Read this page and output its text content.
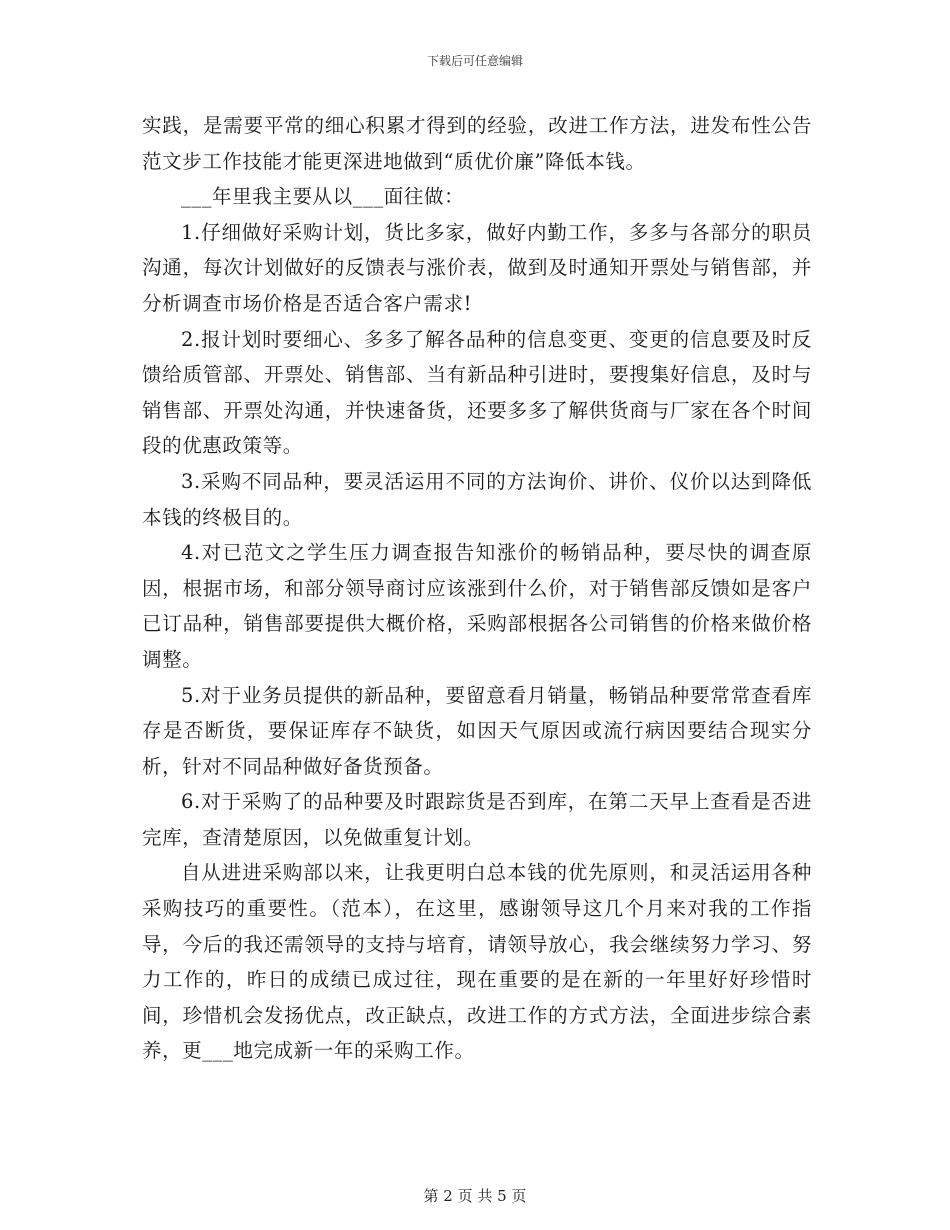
下载后可任意编辑

实践，是需要平常的细心积累才得到的经验，改进工作方法，进发布性公告范文步工作技能才能更深进地做到“质优价廉”降低本钱。

___年里我主要从以___面往做：

1.仔细做好采购计划，货比多家，做好内勤工作，多多与各部分的职员沟通，每次计划做好的反馈表与涨价表，做到及时通知开票处与销售部，并分析调查市场价格是否适合客户需求!

2.报计划时要细心、多多了解各品种的信息变更、变更的信息要及时反馈给质管部、开票处、销售部、当有新品种引进时，要搜集好信息，及时与销售部、开票处沟通，并快速备货，还要多多了解供货商与厂家在各个时间段的优惠政策等。

3.采购不同品种，要灵活运用不同的方法询价、讲价、仪价以达到降低本钱的终极目的。

4.对已范文之学生压力调查报告知涨价的畅销品种，要尽快的调查原因，根据市场，和部分领导商讨应该涨到什么价，对于销售部反馈如是客户已订品种，销售部要提供大概价格，采购部根据各公司销售的价格来做价格调整。

5.对于业务员提供的新品种，要留意看月销量，畅销品种要常常查看库存是否断货，要保证库存不缺货，如因天气原因或流行病因要结合现实分析，针对不同品种做好备货预备。

6.对于采购了的品种要及时跟踪货是否到库，在第二天早上查看是否进完库，查清楚原因，以免做重复计划。

自从进进采购部以来，让我更明白总本钱的优先原则，和灵活运用各种采购技巧的重要性。（范本），在这里，感谢领导这几个月来对我的工作指导，今后的我还需领导的支持与培育，请领导放心，我会继续努力学习、努力工作的，昨日的成绩已成过往，现在重要的是在新的一年里好好珍惜时间，珍惜机会发扬优点，改正缺点，改进工作的方式方法，全面进步综合素养，更___地完成新一年的采购工作。

第 2 页 共 5 页
